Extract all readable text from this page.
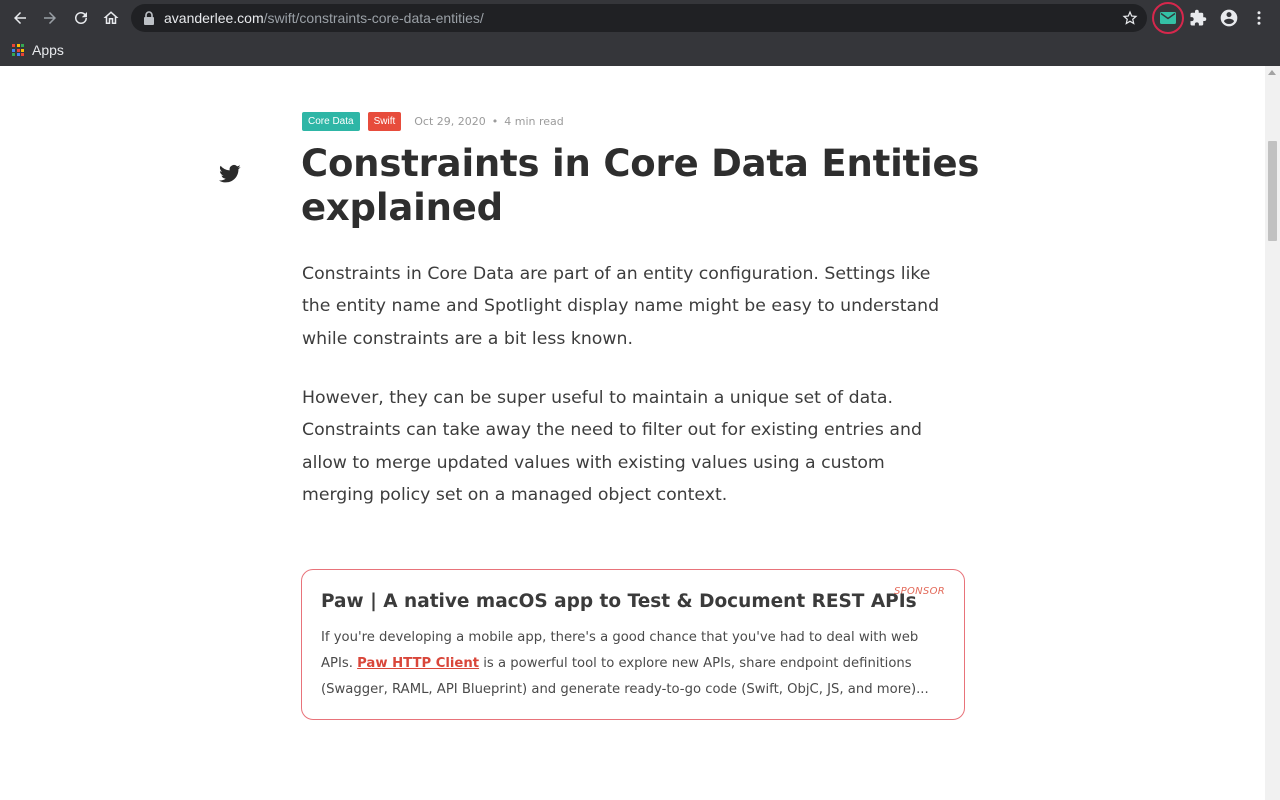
avanderlee.com/swift/constraints-core-data-entities/
Apps
Core Data	Swift	Oct 29, 2020 • 4 min read
Constraints in Core Data Entities explained

Constraints in Core Data are part of an entity configuration. Settings like the entity name and Spotlight display name might be easy to understand while constraints are a bit less known.

However, they can be super useful to maintain a unique set of data. Constraints can take away the need to filter out for existing entries and allow to merge updated values with existing values using a custom merging policy set on a managed object context.

SPONSOR
Paw | A native macOS app to Test & Document REST APIs

If you're developing a mobile app, there's a good chance that you've had to deal with web APIs. Paw HTTP Client is a powerful tool to explore new APIs, share endpoint definitions (Swagger, RAML, API Blueprint) and generate ready-to-go code (Swift, ObjC, JS, and more)...
